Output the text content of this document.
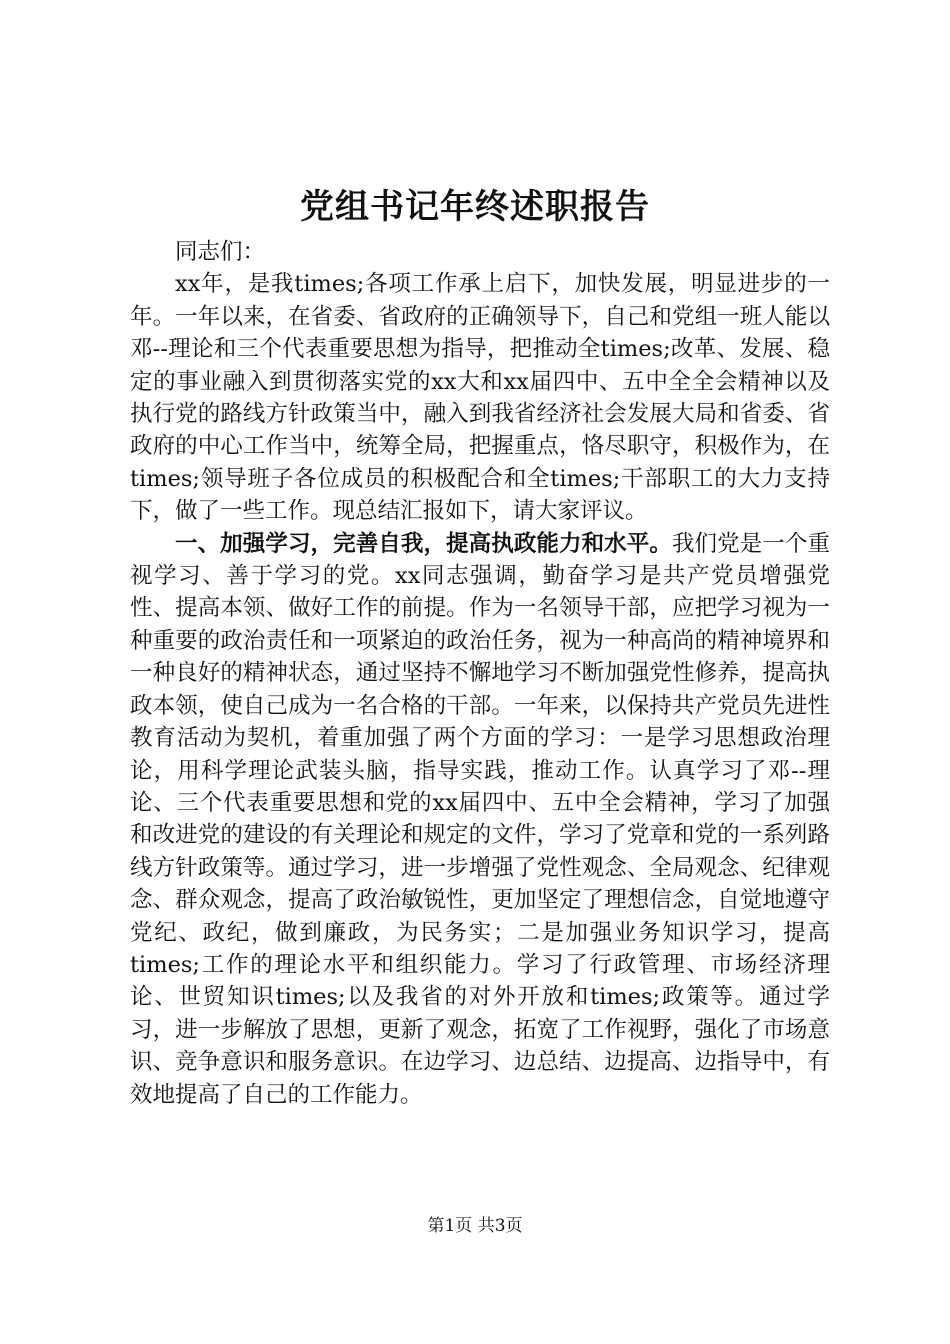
党组书记年终述职报告

同志们：

xx年，是我times;各项工作承上启下，加快发展，明显进步的一年。一年以来，在省委、省政府的正确领导下，自己和党组一班人能以邓--理论和三个代表重要思想为指导，把推动全times;改革、发展、稳定的事业融入到贯彻落实党的xx大和xx届四中、五中全全会精神以及执行党的路线方针政策当中，融入到我省经济社会发展大局和省委、省政府的中心工作当中，统筹全局，把握重点，恪尽职守，积极作为，在times;领导班子各位成员的积极配合和全times;干部职工的大力支持下，做了一些工作。现总结汇报如下，请大家评议。

一、加强学习，完善自我，提高执政能力和水平。我们党是一个重视学习、善于学习的党。xx同志强调，勤奋学习是共产党员增强党性、提高本领、做好工作的前提。作为一名领导干部，应把学习视为一种重要的政治责任和一项紧迫的政治任务，视为一种高尚的精神境界和一种良好的精神状态，通过坚持不懈地学习不断加强党性修养，提高执政本领，使自己成为一名合格的干部。一年来，以保持共产党员先进性教育活动为契机，着重加强了两个方面的学习：一是学习思想政治理论，用科学理论武装头脑，指导实践，推动工作。认真学习了邓--理论、三个代表重要思想和党的xx届四中、五中全会精神，学习了加强和改进党的建设的有关理论和规定的文件，学习了党章和党的一系列路线方针政策等。通过学习，进一步增强了党性观念、全局观念、纪律观念、群众观念，提高了政治敏锐性，更加坚定了理想信念，自觉地遵守党纪、政纪，做到廉政，为民务实；二是加强业务知识学习，提高times;工作的理论水平和组织能力。学习了行政管理、市场经济理论、世贸知识times;以及我省的对外开放和times;政策等。通过学习，进一步解放了思想，更新了观念，拓宽了工作视野，强化了市场意识、竞争意识和服务意识。在边学习、边总结、边提高、边指导中，有效地提高了自己的工作能力。

第1页 共3页
